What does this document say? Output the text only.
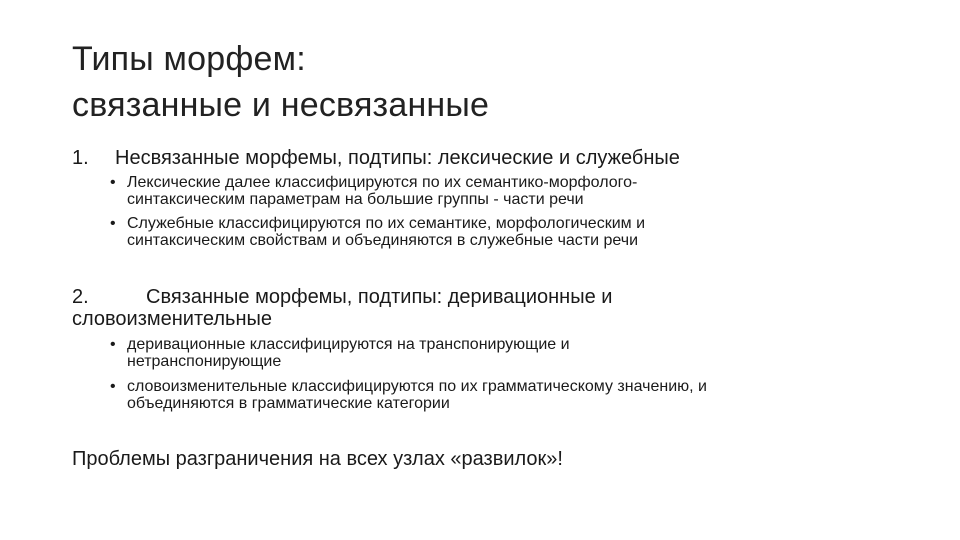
Типы морфем:
связанные и несвязанные
1. Несвязанные морфемы, подтипы: лексические и служебные
• Лексические далее классифицируются по их семантико-морфолого-
синтаксическим параметрам на большие группы - части речи
• Служебные классифицируются по их семантике, морфологическим и
синтаксическим свойствам и объединяются в служебные части речи
2.	Связанные морфемы, подтипы: деривационные и
словоизменительные
• деривационные классифицируются на транспонирующие и
нетранспонирующие
• словоизменительные классифицируются по их грамматическому значению, и
объединяются в грамматические категории
Проблемы разграничения на всех узлах «развилок»!
